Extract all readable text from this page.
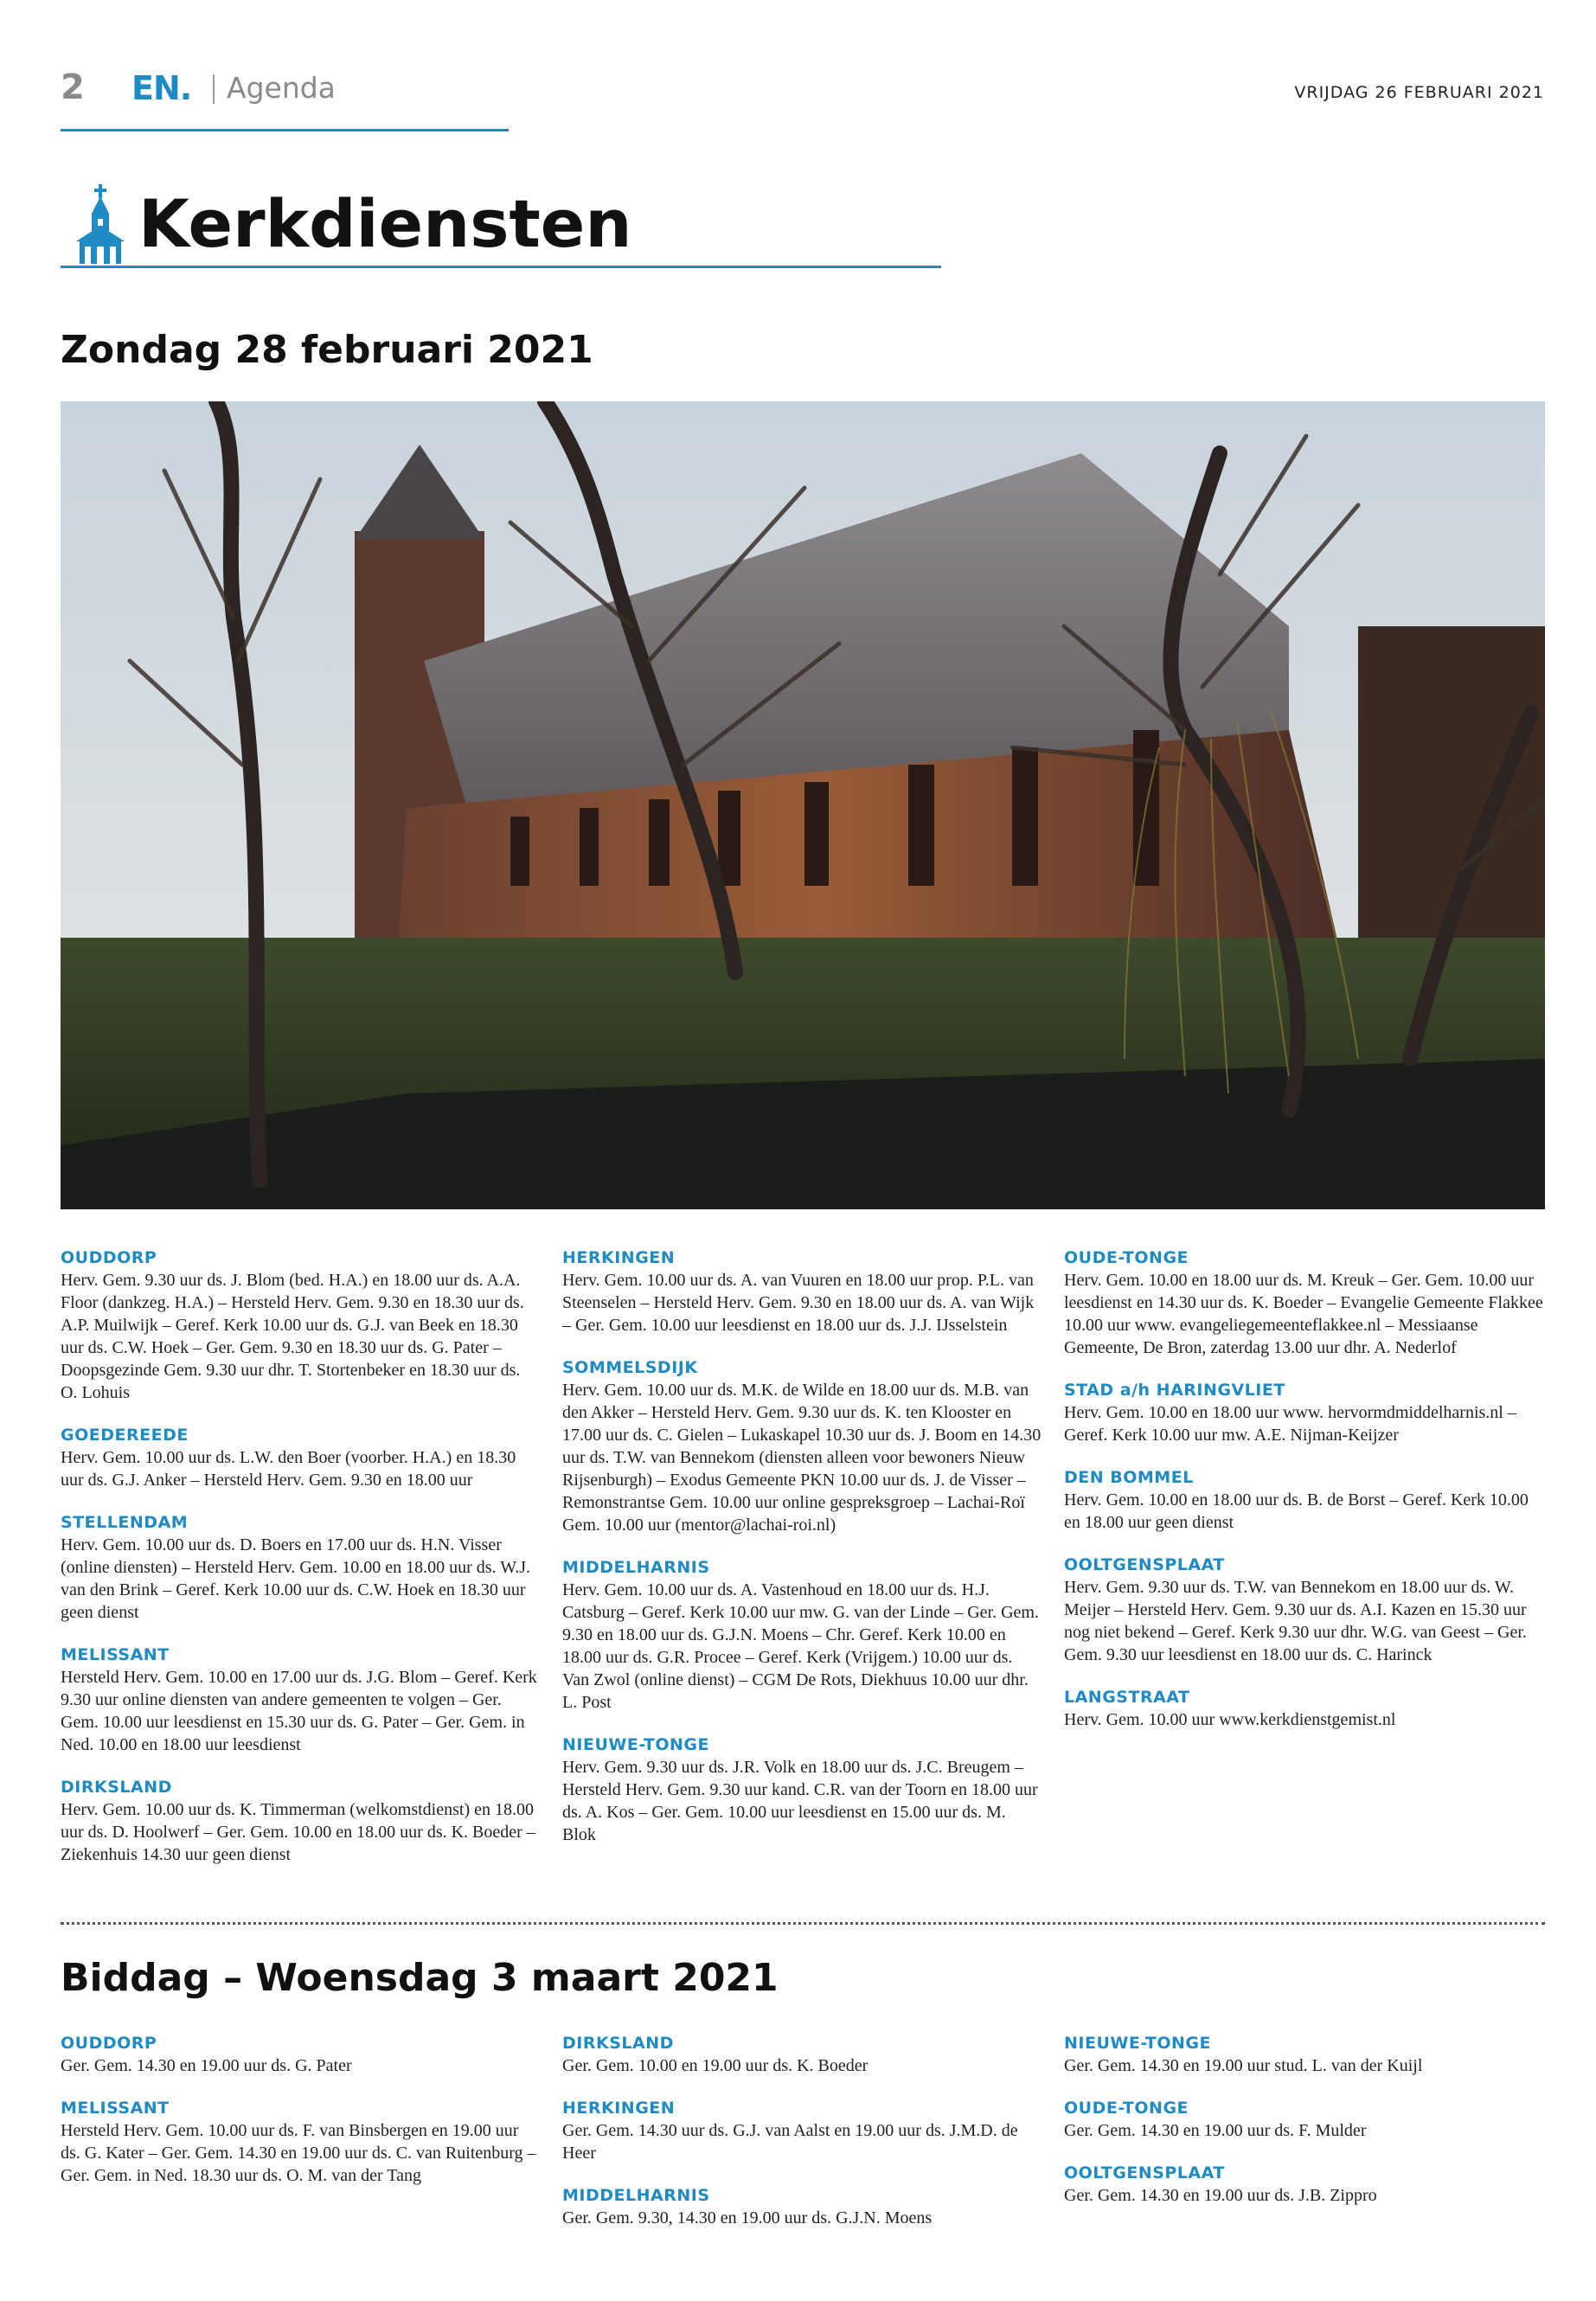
2 EN. Agenda	VRIJDAG 26 FEBRUARI 2021
Kerkdiensten
Zondag 28 februari 2021
OUDDORP
Herv. Gem. 9.30 uur ds. J. Blom (bed. H.A.) en 18.00 uur ds. A.A. Floor (dankzeg. H.A.) – Hersteld Herv. Gem. 9.30 en 18.30 uur ds. A.P. Muilwijk – Geref. Kerk 10.00 uur ds. G.J. van Beek en 18.30 uur ds. C.W. Hoek – Ger. Gem. 9.30 en 18.30 uur ds. G. Pater – Doopsgezinde Gem. 9.30 uur dhr. T. Stortenbeker en 18.30 uur ds. O. Lohuis
GOEDEREEDE
Herv. Gem. 10.00 uur ds. L.W. den Boer (voorber. H.A.) en 18.30 uur ds. G.J. Anker – Hersteld Herv. Gem. 9.30 en 18.00 uur
STELLENDAM
Herv. Gem. 10.00 uur ds. D. Boers en 17.00 uur ds. H.N. Visser (online diensten) – Hersteld Herv. Gem. 10.00 en 18.00 uur ds. W.J. van den Brink – Geref. Kerk 10.00 uur ds. C.W. Hoek en 18.30 uur geen dienst
MELISSANT
Hersteld Herv. Gem. 10.00 en 17.00 uur ds. J.G. Blom – Geref. Kerk 9.30 uur online diensten van andere gemeenten te volgen – Ger. Gem. 10.00 uur leesdienst en 15.30 uur ds. G. Pater – Ger. Gem. in Ned. 10.00 en 18.00 uur leesdienst
DIRKSLAND
Herv. Gem. 10.00 uur ds. K. Timmerman (welkomstdienst) en 18.00 uur ds. D. Hoolwerf – Ger. Gem. 10.00 en 18.00 uur ds. K. Boeder – Ziekenhuis 14.30 uur geen dienst
HERKINGEN
Herv. Gem. 10.00 uur ds. A. van Vuuren en 18.00 uur prop. P.L. van Steenselen – Hersteld Herv. Gem. 9.30 en 18.00 uur ds. A. van Wijk – Ger. Gem. 10.00 uur leesdienst en 18.00 uur ds. J.J. IJsselstein
SOMMELSDIJK
Herv. Gem. 10.00 uur ds. M.K. de Wilde en 18.00 uur ds. M.B. van den Akker – Hersteld Herv. Gem. 9.30 uur ds. K. ten Klooster en 17.00 uur ds. C. Gielen – Lukaskapel 10.30 uur ds. J. Boom en 14.30 uur ds. T.W. van Bennekom (diensten alleen voor bewoners Nieuw Rijsenburgh) – Exodus Gemeente PKN 10.00 uur ds. J. de Visser – Remonstrantse Gem. 10.00 uur online gespreksgroep – Lachai-Roï Gem. 10.00 uur (mentor@lachai-roi.nl)
MIDDELHARNIS
Herv. Gem. 10.00 uur ds. A. Vastenhoud en 18.00 uur ds. H.J. Catsburg – Geref. Kerk 10.00 uur mw. G. van der Linde – Ger. Gem. 9.30 en 18.00 uur ds. G.J.N. Moens – Chr. Geref. Kerk 10.00 en 18.00 uur ds. G.R. Procee – Geref. Kerk (Vrijgem.) 10.00 uur ds. Van Zwol (online dienst) – CGM De Rots, Diekhuus 10.00 uur dhr. L. Post
NIEUWE-TONGE
Herv. Gem. 9.30 uur ds. J.R. Volk en 18.00 uur ds. J.C. Breugem – Hersteld Herv. Gem. 9.30 uur kand. C.R. van der Toorn en 18.00 uur ds. A. Kos – Ger. Gem. 10.00 uur leesdienst en 15.00 uur ds. M. Blok
OUDE-TONGE
Herv. Gem. 10.00 en 18.00 uur ds. M. Kreuk – Ger. Gem. 10.00 uur leesdienst en 14.30 uur ds. K. Boeder – Evangelie Gemeente Flakkee 10.00 uur www. evangeliegemeenteflakkee.nl – Messiaanse Gemeente, De Bron, zaterdag 13.00 uur dhr. A. Nederlof
STAD a/h HARINGVLIET
Herv. Gem. 10.00 en 18.00 uur www. hervormdmiddelharnis.nl – Geref. Kerk 10.00 uur mw. A.E. Nijman-Keijzer
DEN BOMMEL
Herv. Gem. 10.00 en 18.00 uur ds. B. de Borst – Geref. Kerk 10.00 en 18.00 uur geen dienst
OOLTGENSPLAAT
Herv. Gem. 9.30 uur ds. T.W. van Bennekom en 18.00 uur ds. W. Meijer – Hersteld Herv. Gem. 9.30 uur ds. A.I. Kazen en 15.30 uur nog niet bekend – Geref. Kerk 9.30 uur dhr. W.G. van Geest – Ger. Gem. 9.30 uur leesdienst en 18.00 uur ds. C. Harinck
LANGSTRAAT
Herv. Gem. 10.00 uur www.kerkdienstgemist.nl
Biddag – Woensdag 3 maart 2021
OUDDORP
Ger. Gem. 14.30 en 19.00 uur ds. G. Pater
MELISSANT
Hersteld Herv. Gem. 10.00 uur ds. F. van Binsbergen en 19.00 uur ds. G. Kater – Ger. Gem. 14.30 en 19.00 uur ds. C. van Ruitenburg – Ger. Gem. in Ned. 18.30 uur ds. O. M. van der Tang
DIRKSLAND
Ger. Gem. 10.00 en 19.00 uur ds. K. Boeder
HERKINGEN
Ger. Gem. 14.30 uur ds. G.J. van Aalst en 19.00 uur ds. J.M.D. de Heer
MIDDELHARNIS
Ger. Gem. 9.30, 14.30 en 19.00 uur ds. G.J.N. Moens
NIEUWE-TONGE
Ger. Gem. 14.30 en 19.00 uur stud. L. van der Kuijl
OUDE-TONGE
Ger. Gem. 14.30 en 19.00 uur ds. F. Mulder
OOLTGENSPLAAT
Ger. Gem. 14.30 en 19.00 uur ds. J.B. Zippro
